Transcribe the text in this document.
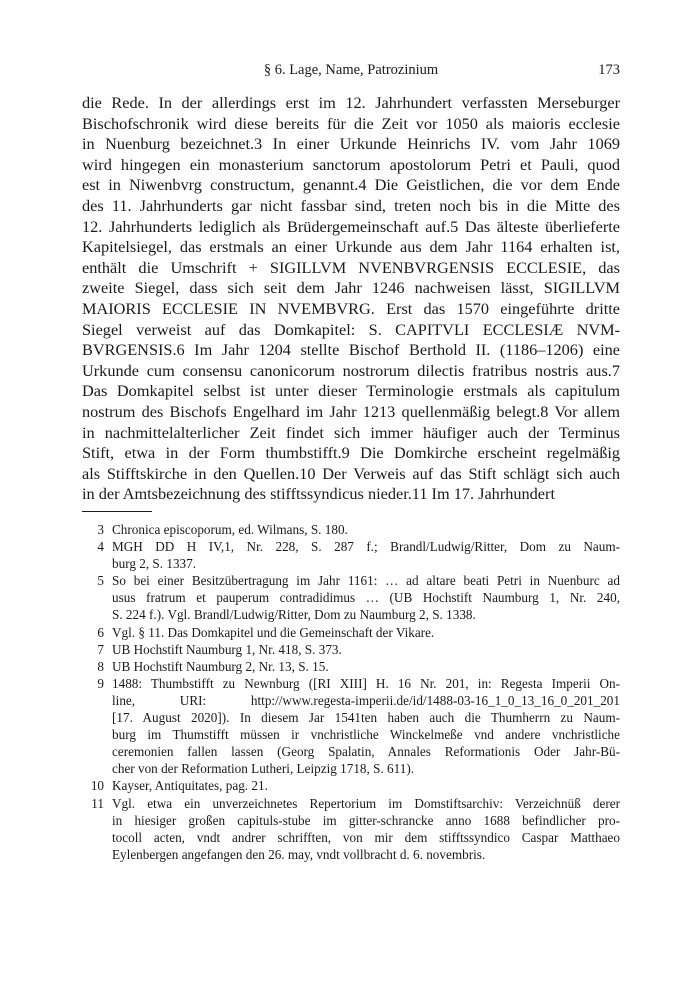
§ 6. Lage, Name, Patrozinium	173
die Rede. In der allerdings erst im 12. Jahrhundert verfassten Merseburger
Bischofschronik wird diese bereits für die Zeit vor 1050 als maioris ecclesie
in Nuenburg bezeichnet.3 In einer Urkunde Heinrichs IV. vom Jahr 1069
wird hingegen ein monasterium sanctorum apostolorum Petri et Pauli, quod
est in Niwenbvrg constructum, genannt.4 Die Geistlichen, die vor dem Ende
des 11. Jahrhunderts gar nicht fassbar sind, treten noch bis in die Mitte des
12. Jahrhunderts lediglich als Brüdergemeinschaft auf.5 Das älteste überlieferte
Kapitelsiegel, das erstmals an einer Urkunde aus dem Jahr 1164 erhalten ist,
enthält die Umschrift + SIGILLVM NVENBVRGENSIS ECCLESIE, das
zweite Siegel, dass sich seit dem Jahr 1246 nachweisen lässt, SIGILLVM
MAIORIS ECCLESIE IN NVEMBVRG. Erst das 1570 eingeführte dritte
Siegel verweist auf das Domkapitel: S. CAPITVLI ECCLESIÆ NVM-
BVRGENSIS.6 Im Jahr 1204 stellte Bischof Berthold II. (1186–1206) eine
Urkunde cum consensu canonicorum nostrorum dilectis fratribus nostris aus.7
Das Domkapitel selbst ist unter dieser Terminologie erstmals als capitulum
nostrum des Bischofs Engelhard im Jahr 1213 quellenmäßig belegt.8 Vor allem
in nachmittelalterlicher Zeit findet sich immer häufiger auch der Terminus
Stift, etwa in der Form thumbstifft.9 Die Domkirche erscheint regelmäßig
als Stifftskirche in den Quellen.10 Der Verweis auf das Stift schlägt sich auch
in der Amtsbezeichnung des stifftssyndicus nieder.11 Im 17. Jahrhundert
3 Chronica episcoporum, ed. Wilmans, S. 180.
4 MGH DD H IV,1, Nr. 228, S. 287 f.; Brandl/Ludwig/Ritter, Dom zu Naum-
burg 2, S. 1337.
5 So bei einer Besitzübertragung im Jahr 1161: … ad altare beati Petri in Nuenburc ad
usus fratrum et pauperum contradidimus … (UB Hochstift Naumburg 1, Nr. 240,
S. 224 f.). Vgl. Brandl/Ludwig/Ritter, Dom zu Naumburg 2, S. 1338.
6 Vgl. § 11. Das Domkapitel und die Gemeinschaft der Vikare.
7 UB Hochstift Naumburg 1, Nr. 418, S. 373.
8 UB Hochstift Naumburg 2, Nr. 13, S. 15.
9 1488: Thumbstifft zu Newnburg ([RI XIII] H. 16 Nr. 201, in: Regesta Imperii On-
line, URI: http://www.regesta-imperii.de/id/1488-03-16_1_0_13_16_0_201_201
[17. August 2020]). In diesem Jar 1541ten haben auch die Thumherrn zu Naum-
burg im Thumstifft müssen ir vnchristliche Winckelmeße vnd andere vnchristliche
ceremonien fallen lassen (Georg Spalatin, Annales Reformationis Oder Jahr-Bü-
cher von der Reformation Lutheri, Leipzig 1718, S. 611).
10 Kayser, Antiquitates, pag. 21.
11 Vgl. etwa ein unverzeichnetes Repertorium im Domstiftsarchiv: Verzeichnüß derer
in hiesiger großen capituls-stube im gitter-schrancke anno 1688 befindlicher pro-
tocoll acten, vndt andrer schrifften, von mir dem stifftssyndico Caspar Matthaeo
Eylenbergen angefangen den 26. may, vndt vollbracht d. 6. novembris.
